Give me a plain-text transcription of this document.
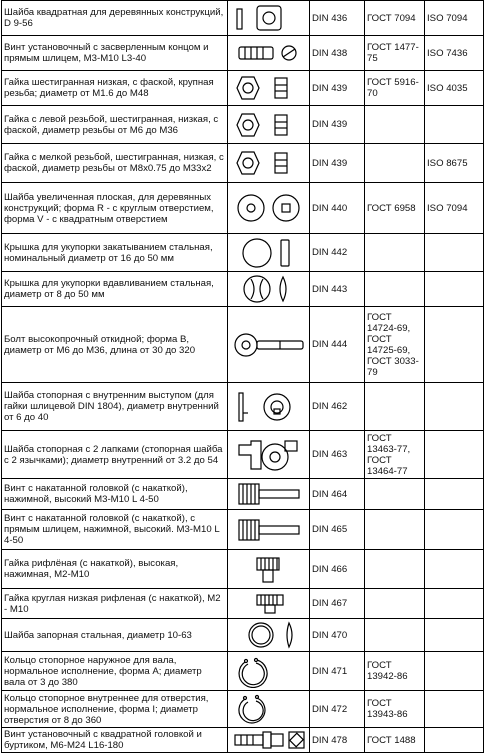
Шайба квадратная для деревянных конструкций, D 9-56		DIN 436	ГОСТ 7094	ISO 7094
Винт установочный с засверленным концом и прямым шлицем, М3-М10 L3-40		DIN 438	ГОСТ 1477-75	ISO 7436
Гайка шестигранная низкая, с фаской, крупная резьба; диаметр от М1.6 до М48		DIN 439	ГОСТ 5916-70	ISO 4035
Гайка с левой резьбой, шестигранная, низкая, с фаской, диаметр резьбы от М6 до М36		DIN 439		
Гайка с мелкой резьбой, шестигранная, низкая, с фаской, диаметр резьбы от М8х0.75 до М33х2		DIN 439		ISO 8675
Шайба увеличенная плоская, для деревянных конструкций; форма R - с круглым отверстием, форма V - с квадратным отверстием		DIN 440	ГОСТ 6958	ISO 7094
Крышка для укупорки закатыванием стальная, номинальный диаметр от 16 до 50 мм		DIN 442		
Крышка для укупорки вдавливанием стальная, диаметр от 8 до 50 мм		DIN 443		
Болт высокопрочный откидной; форма В, диаметр от М6 до М36, длина от 30 до 320		DIN 444	ГОСТ 14724-69, ГОСТ 14725-69, ГОСТ 3033-79	
Шайба стопорная с внутренним выступом (для гайки шлицевой DIN 1804), диаметр внутренний от 6 до 40		DIN 462		
Шайба стопорная с 2 лапками (стопорная шайба с 2 язычками); диаметр внутренний от 3.2 до 54		DIN 463	ГОСТ 13463-77, ГОСТ 13464-77	
Винт с накатанной головкой (с накаткой), нажимной, высокий М3-М10 L 4-50		DIN 464		
Винт с накатанной головкой (с накаткой), с прямым шлицем, нажимной, высокий. М3-М10 L 4-50		DIN 465		
Гайка рифлёная (с накаткой), высокая, нажимная, М2-М10		DIN 466		
Гайка круглая низкая рифленая (с накаткой), М2 - М10		DIN 467		
Шайба запорная стальная, диаметр 10-63		DIN 470		
Кольцо стопорное наружное для вала, нормальное исполнение, форма А; диаметр вала от 3 до 380		DIN 471	ГОСТ 13942-86	
Кольцо стопорное внутреннее для отверстия, нормальное исполнение, форма І; диаметр отверстия от 8 до 360		DIN 472	ГОСТ 13943-86	
Винт установочный с квадратной головкой и буртиком, М6-М24 L16-180		DIN 478	ГОСТ 1488	
